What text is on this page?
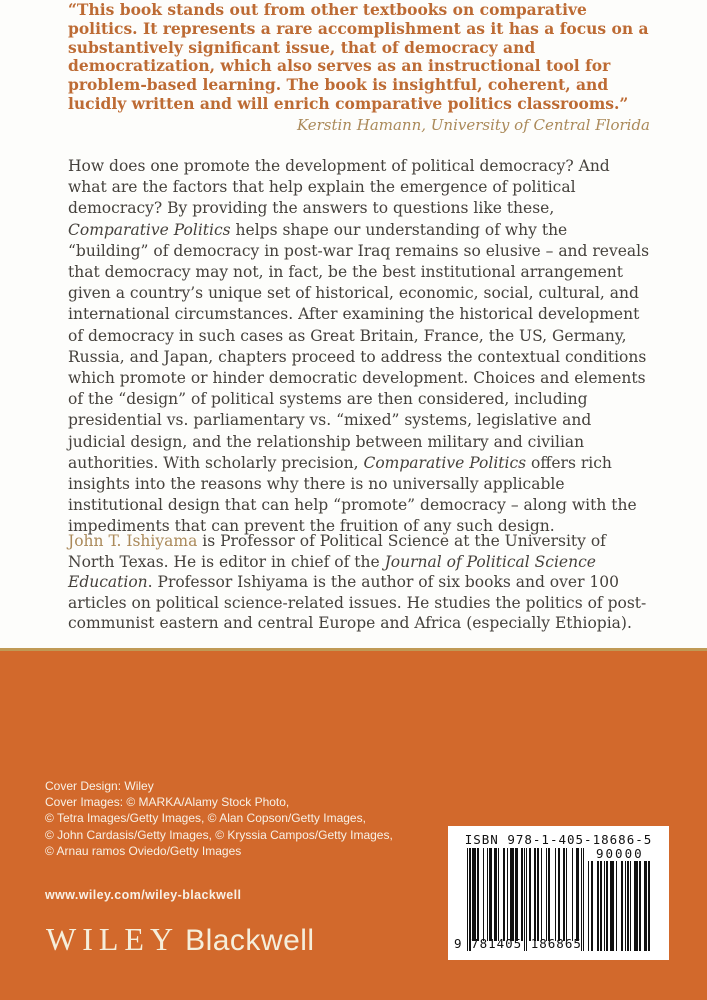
“This book stands out from other textbooks on comparative politics. It represents a rare accomplishment as it has a focus on a substantively significant issue, that of democracy and democratization, which also serves as an instructional tool for problem-based learning. The book is insightful, coherent, and lucidly written and will enrich comparative politics classrooms.”
Kerstin Hamann, University of Central Florida
How does one promote the development of political democracy? And what are the factors that help explain the emergence of political democracy? By providing the answers to questions like these, Comparative Politics helps shape our understanding of why the “building” of democracy in post-war Iraq remains so elusive – and reveals that democracy may not, in fact, be the best institutional arrangement given a country’s unique set of historical, economic, social, cultural, and international circumstances. After examining the historical development of democracy in such cases as Great Britain, France, the US, Germany, Russia, and Japan, chapters proceed to address the contextual conditions which promote or hinder democratic development. Choices and elements of the “design” of political systems are then considered, including presidential vs. parliamentary vs. “mixed” systems, legislative and judicial design, and the relationship between military and civilian authorities. With scholarly precision, Comparative Politics offers rich insights into the reasons why there is no universally applicable institutional design that can help “promote” democracy – along with the impediments that can prevent the fruition of any such design.
John T. Ishiyama is Professor of Political Science at the University of North Texas. He is editor in chief of the Journal of Political Science Education. Professor Ishiyama is the author of six books and over 100 articles on political science-related issues. He studies the politics of post-communist eastern and central Europe and Africa (especially Ethiopia).
Cover Design: Wiley
Cover Images: © MARKA/Alamy Stock Photo,
© Tetra Images/Getty Images, © Alan Copson/Getty Images,
© John Cardasis/Getty Images, © Kryssia Campos/Getty Images,
© Arnau ramos Oviedo/Getty Images
www.wiley.com/wiley-blackwell
WILEY Blackwell
ISBN 978-1-405-18686-5
90000
9 781405 186865
